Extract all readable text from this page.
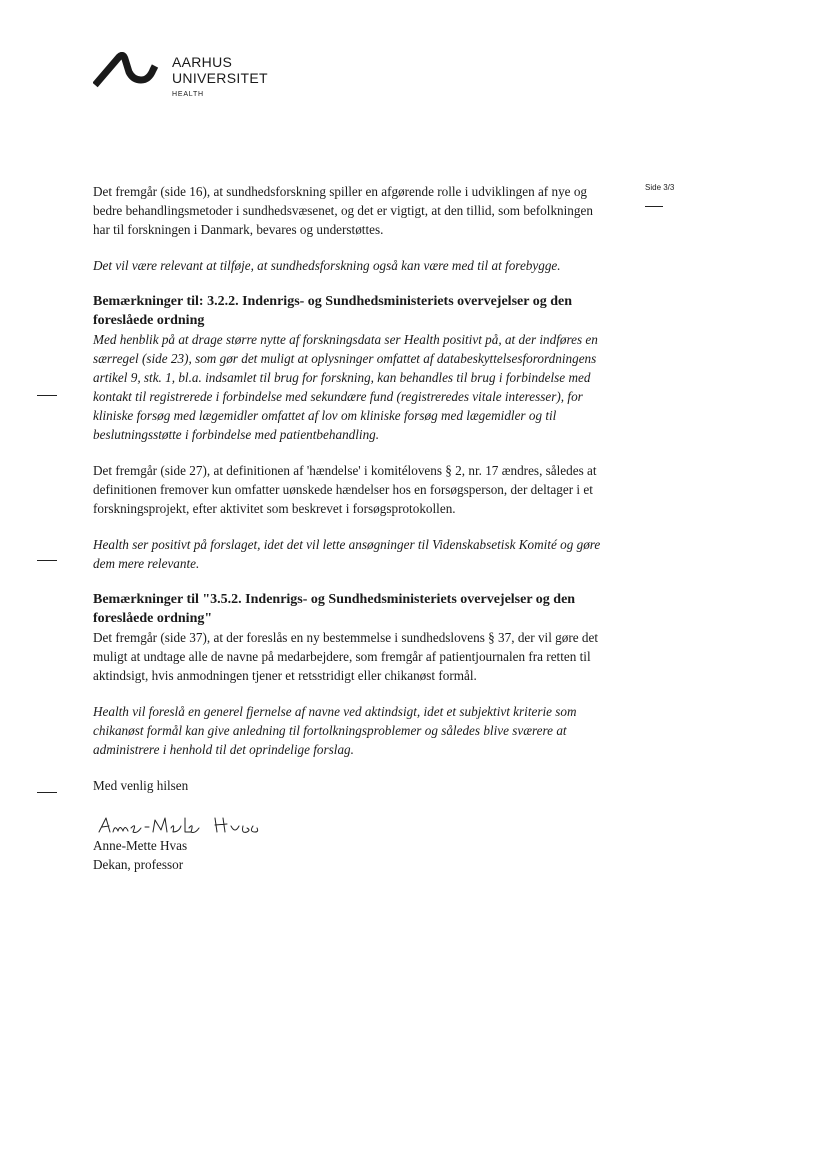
AARHUS
UNIVERSITET
HEALTH
Side 3/3

Det fremgår (side 16), at sundhedsforskning spiller en afgørende rolle i udviklingen af nye og bedre behandlingsmetoder i sundhedsvæsenet, og det er vigtigt, at den tillid, som befolkningen har til forskningen i Danmark, bevares og understøttes.

Det vil være relevant at tilføje, at sundhedsforskning også kan være med til at forebygge.

Bemærkninger til: 3.2.2. Indenrigs- og Sundhedsministeriets overvejelser og den foreslåede ordning

Med henblik på at drage større nytte af forskningsdata ser Health positivt på, at der indføres en særregel (side 23), som gør det muligt at oplysninger omfattet af databeskyttelsesforordningens artikel 9, stk. 1, bl.a. indsamlet til brug for forskning, kan behandles til brug i forbindelse med kontakt til registrerede i forbindelse med sekundære fund (registreredes vitale interesser), for kliniske forsøg med lægemidler omfattet af lov om kliniske forsøg med lægemidler og til beslutningsstøtte i forbindelse med patientbehandling.

Det fremgår (side 27), at definitionen af 'hændelse' i komitélovens § 2, nr. 17 ændres, således at definitionen fremover kun omfatter uønskede hændelser hos en forsøgsperson, der deltager i et forskningsprojekt, efter aktivitet som beskrevet i forsøgsprotokollen.

Health ser positivt på forslaget, idet det vil lette ansøgninger til Videnskabsetisk Komité og gøre dem mere relevante.

Bemærkninger til "3.5.2. Indenrigs- og Sundhedsministeriets overvejelser og den foreslåede ordning"

Det fremgår (side 37), at der foreslås en ny bestemmelse i sundhedslovens § 37, der vil gøre det muligt at undtage alle de navne på medarbejdere, som fremgår af patientjournalen fra retten til aktindsigt, hvis anmodningen tjener et retsstridigt eller chikanøst formål.

Health vil foreslå en generel fjernelse af navne ved aktindsigt, idet et subjektivt kriterie som chikanøst formål kan give anledning til fortolkningsproblemer og således blive sværere at administrere i henhold til det oprindelige forslag.

Med venlig hilsen

Anne-Mette Hvas
Dekan, professor
